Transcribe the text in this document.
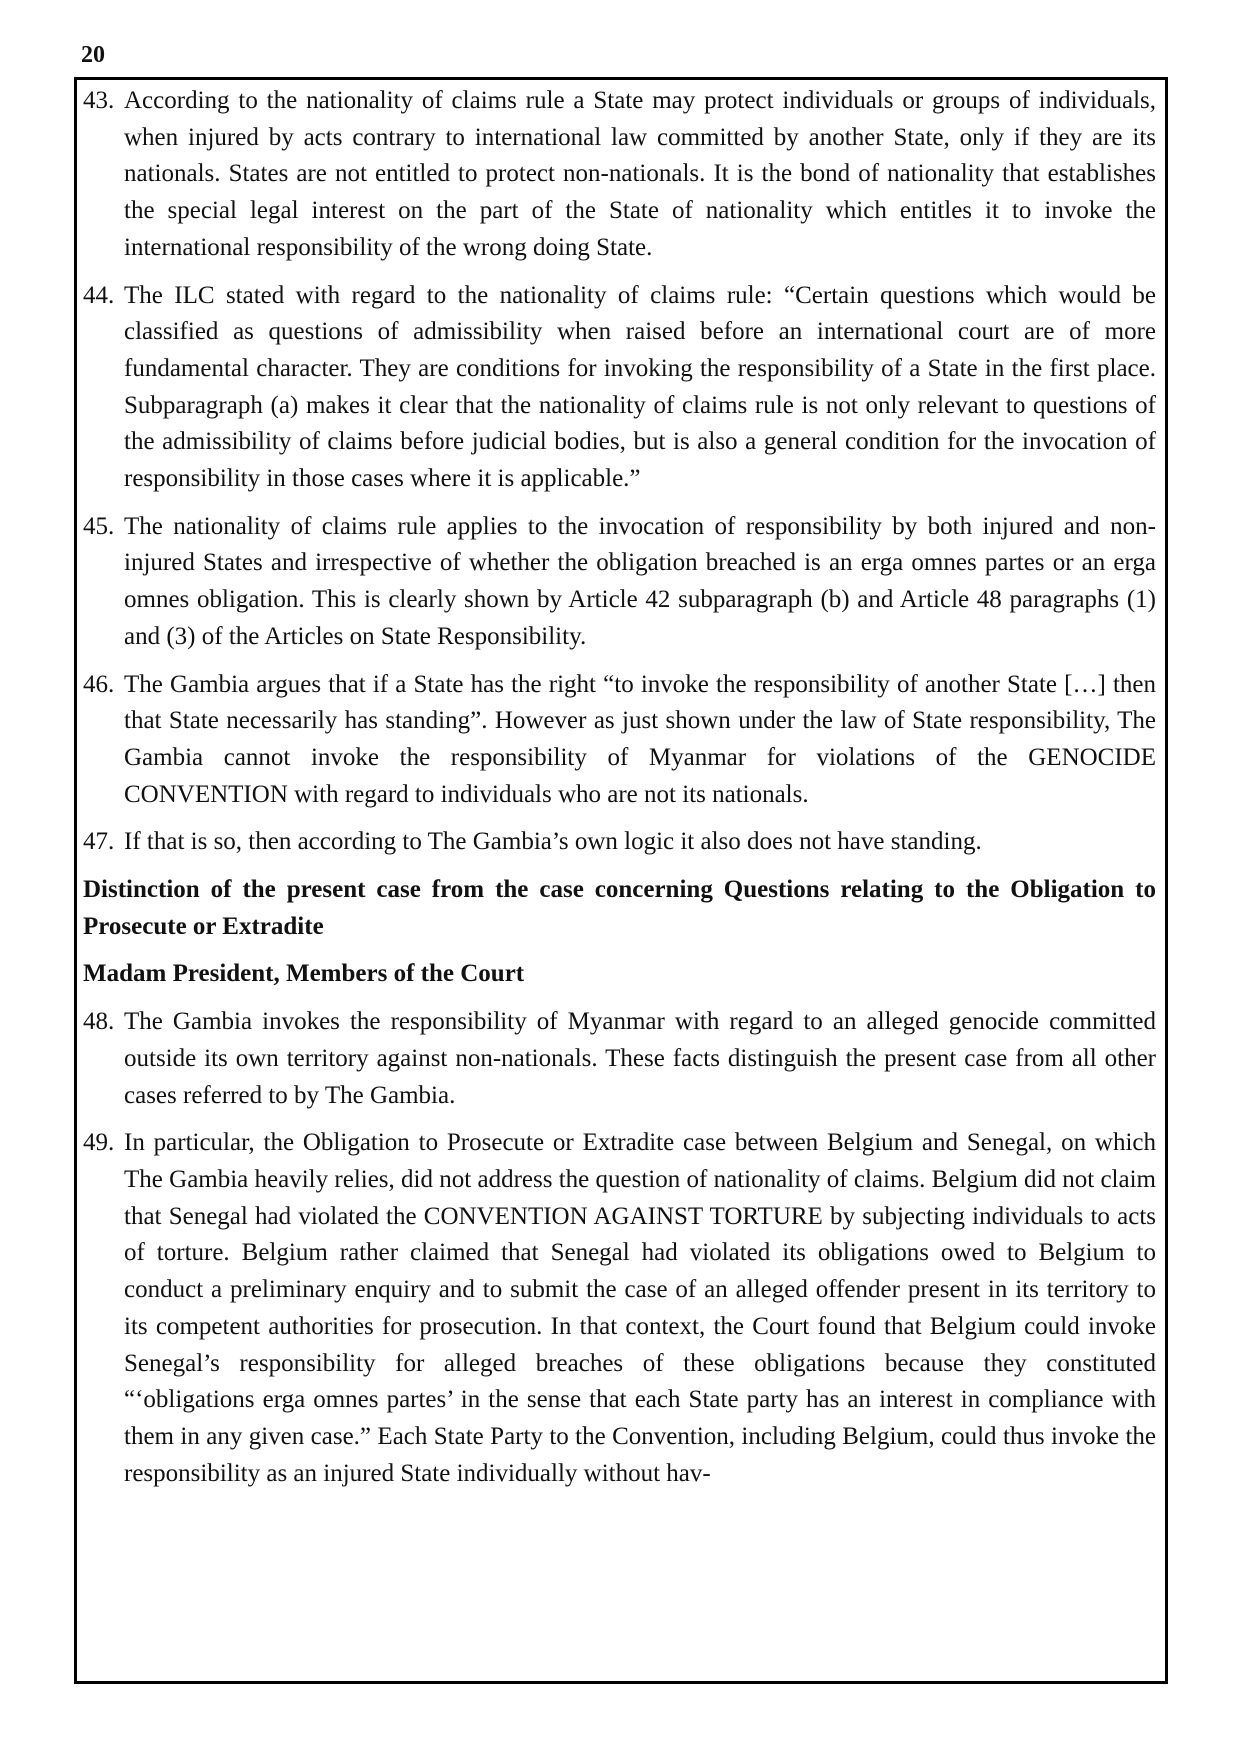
20
43. According to the nationality of claims rule a State may protect individuals or groups of individuals, when injured by acts contrary to international law committed by another State, only if they are its nationals. States are not entitled to protect non-nationals. It is the bond of nationality that establishes the special legal interest on the part of the State of nationality which entitles it to invoke the international responsibility of the wrong doing State.
44. The ILC stated with regard to the nationality of claims rule: “Certain questions which would be classified as questions of admissibility when raised before an international court are of more fundamental character. They are conditions for invoking the responsibility of a State in the first place. Subparagraph (a) makes it clear that the nationality of claims rule is not only relevant to questions of the admissibility of claims before judicial bodies, but is also a general condition for the invocation of responsibility in those cases where it is applicable.”
45. The nationality of claims rule applies to the invocation of responsibility by both injured and non-injured States and irrespective of whether the obligation breached is an erga omnes partes or an erga omnes obligation. This is clearly shown by Article 42 subparagraph (b) and Article 48 paragraphs (1) and (3) of the Articles on State Responsibility.
46. The Gambia argues that if a State has the right “to invoke the responsibility of another State […] then that State necessarily has standing”. However as just shown under the law of State responsibility, The Gambia cannot invoke the responsibility of Myanmar for violations of the GENOCIDE CONVENTION with regard to individuals who are not its nationals.
47. If that is so, then according to The Gambia’s own logic it also does not have standing.
Distinction of the present case from the case concerning Questions relating to the Obligation to Prosecute or Extradite
Madam President, Members of the Court
48. The Gambia invokes the responsibility of Myanmar with regard to an alleged genocide committed outside its own territory against non-nationals. These facts distinguish the present case from all other cases referred to by The Gambia.
49. In particular, the Obligation to Prosecute or Extradite case between Belgium and Senegal, on which The Gambia heavily relies, did not address the question of nationality of claims. Belgium did not claim that Senegal had violated the CONVENTION AGAINST TORTURE by subjecting individuals to acts of torture. Belgium rather claimed that Senegal had violated its obligations owed to Belgium to conduct a preliminary enquiry and to submit the case of an alleged offender present in its territory to its competent authorities for prosecution. In that context, the Court found that Belgium could invoke Senegal’s responsibility for alleged breaches of these obligations because they constituted “‘obligations erga omnes partes’ in the sense that each State party has an interest in compliance with them in any given case.” Each State Party to the Convention, including Belgium, could thus invoke the responsibility as an injured State individually without hav-
